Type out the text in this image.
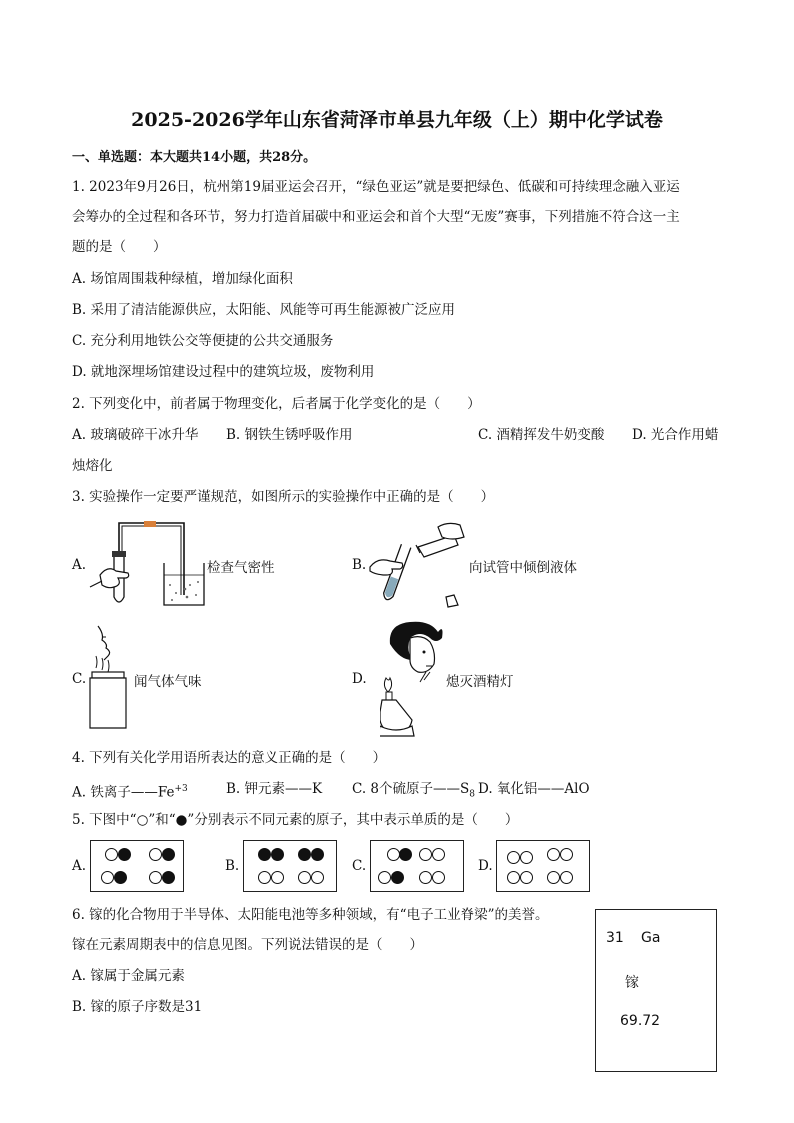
2025-2026学年山东省菏泽市单县九年级（上）期中化学试卷
一、单选题：本大题共14小题，共28分。
1. 2023年9月26日，杭州第19届亚运会召开，“绿色亚运”就是要把绿色、低碳和可持续理念融入亚运
会筹办的全过程和各环节，努力打造首届碳中和亚运会和首个大型“无废”赛事，下列措施不符合这一主
题的是（　　）
A. 场馆周围栽种绿植，增加绿化面积
B. 采用了清洁能源供应，太阳能、风能等可再生能源被广泛应用
C. 充分利用地铁公交等便捷的公共交通服务
D. 就地深埋场馆建设过程中的建筑垃圾，废物利用
2. 下列变化中，前者属于物理变化，后者属于化学变化的是（　　）
A. 玻璃破碎干冰升华 B. 钢铁生锈呼吸作用	C. 酒精挥发牛奶变酸 D. 光合作用蜡
烛熔化
3. 实验操作一定要严谨规范，如图所示的实验操作中正确的是（　　）
A.	检查气密性	B.	向试管中倾倒液体
C.	闻气体气味	D.	熄灭酒精灯
4. 下列有关化学用语所表达的意义正确的是（　　）
A. 铁离子$——Fe^{+3}$	B. 钾元素——K C. 8个硫原子$——S_8$ D. 氧化铝——AlO
5. 下图中“○”和“●”分别表示不同元素的原子，其中表示单质的是（　　）
A.	B.	C.	D.
6. 镓的化合物用于半导体、太阳能电池等多种领域，有“电子工业脊梁”的美誉。
镓在元素周期表中的信息见图。下列说法错误的是（　　）
A. 镓属于金属元素
B. 镓的原子序数是31
31 Ga
镓
69.72
